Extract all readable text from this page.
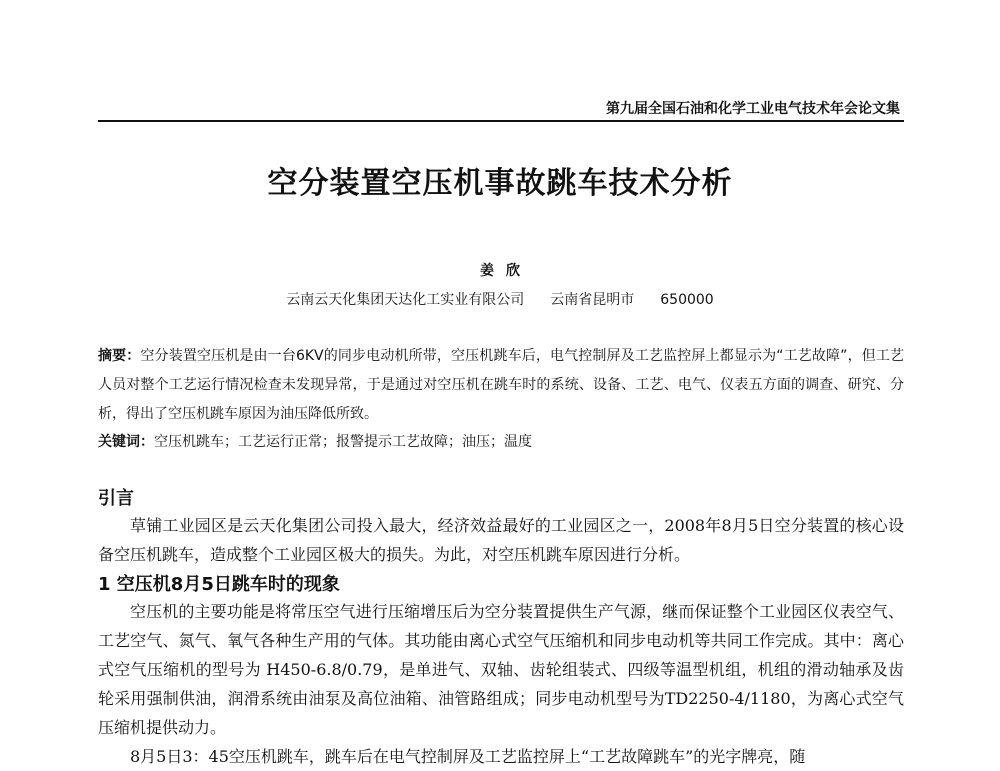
第九届全国石油和化学工业电气技术年会论文集
空分装置空压机事故跳车技术分析
姜欣
云南云天化集团天达化工实业有限公司 云南省昆明市 650000
摘要：空分装置空压机是由一台6KV的同步电动机所带，空压机跳车后，电气控制屏及工艺监控屏上都显示为“工艺故障”，但工艺人员对整个工艺运行情况检查未发现异常，于是通过对空压机在跳车时的系统、设备、工艺、电气、仪表五方面的调查、研究、分析，得出了空压机跳车原因为油压降低所致。
关键词：空压机跳车；工艺运行正常；报警提示工艺故障；油压；温度
引言
草铺工业园区是云天化集团公司投入最大，经济效益最好的工业园区之一，2008年8月5日空分装置的核心设备空压机跳车，造成整个工业园区极大的损失。为此，对空压机跳车原因进行分析。
1 空压机8月5日跳车时的现象
空压机的主要功能是将常压空气进行压缩增压后为空分装置提供生产气源，继而保证整个工业园区仪表空气、工艺空气、氮气、氧气各种生产用的气体。其功能由离心式空气压缩机和同步电动机等共同工作完成。其中：离心式空气压缩机的型号为 H450-6.8/0.79，是单进气、双轴、齿轮组装式、四级等温型机组，机组的滑动轴承及齿轮采用强制供油，润滑系统由油泵及高位油箱、油管路组成；同步电动机型号为TD2250-4/1180，为离心式空气压缩机提供动力。
8月5日3：45空压机跳车，跳车后在电气控制屏及工艺监控屏上“工艺故障跳车”的光字牌亮，随
